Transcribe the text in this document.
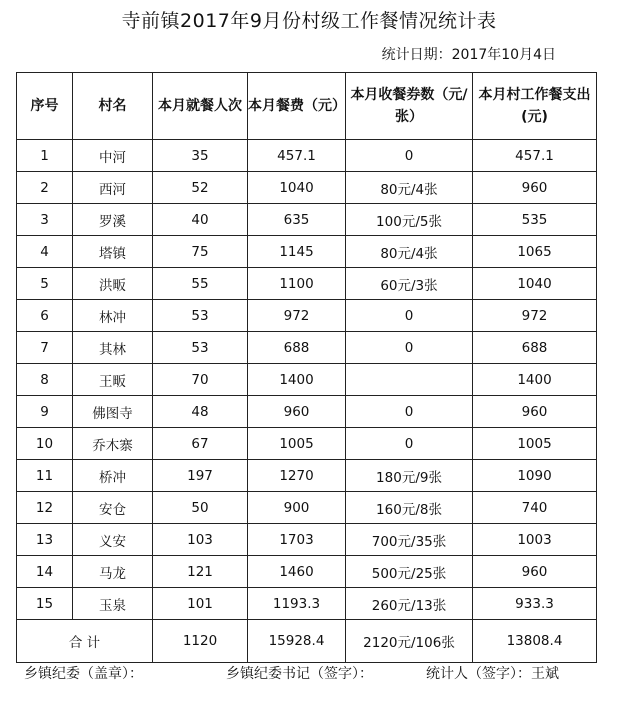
寺前镇2017年9月份村级工作餐情况统计表
统计日期：2017年10月4日
序号	村名	本月就餐人次	本月餐费（元）	本月收餐券数（元/张）	本月村工作餐支出(元)
1	中河	35	457.1	0	457.1
2	西河	52	1040	80元/4张	960
3	罗溪	40	635	100元/5张	535
4	塔镇	75	1145	80元/4张	1065
5	洪畈	55	1100	60元/3张	1040
6	林冲	53	972	0	972
7	其林	53	688	0	688
8	王畈	70	1400		1400
9	佛图寺	48	960	0	960
10	乔木寨	67	1005	0	1005
11	桥冲	197	1270	180元/9张	1090
12	安仓	50	900	160元/8张	740
13	义安	103	1703	700元/35张	1003
14	马龙	121	1460	500元/25张	960
15	玉泉	101	1193.3	260元/13张	933.3
合 计		1120	15928.4	2120元/106张	13808.4
乡镇纪委（盖章）：	乡镇纪委书记（签字）：	统计人（签字）：王斌
